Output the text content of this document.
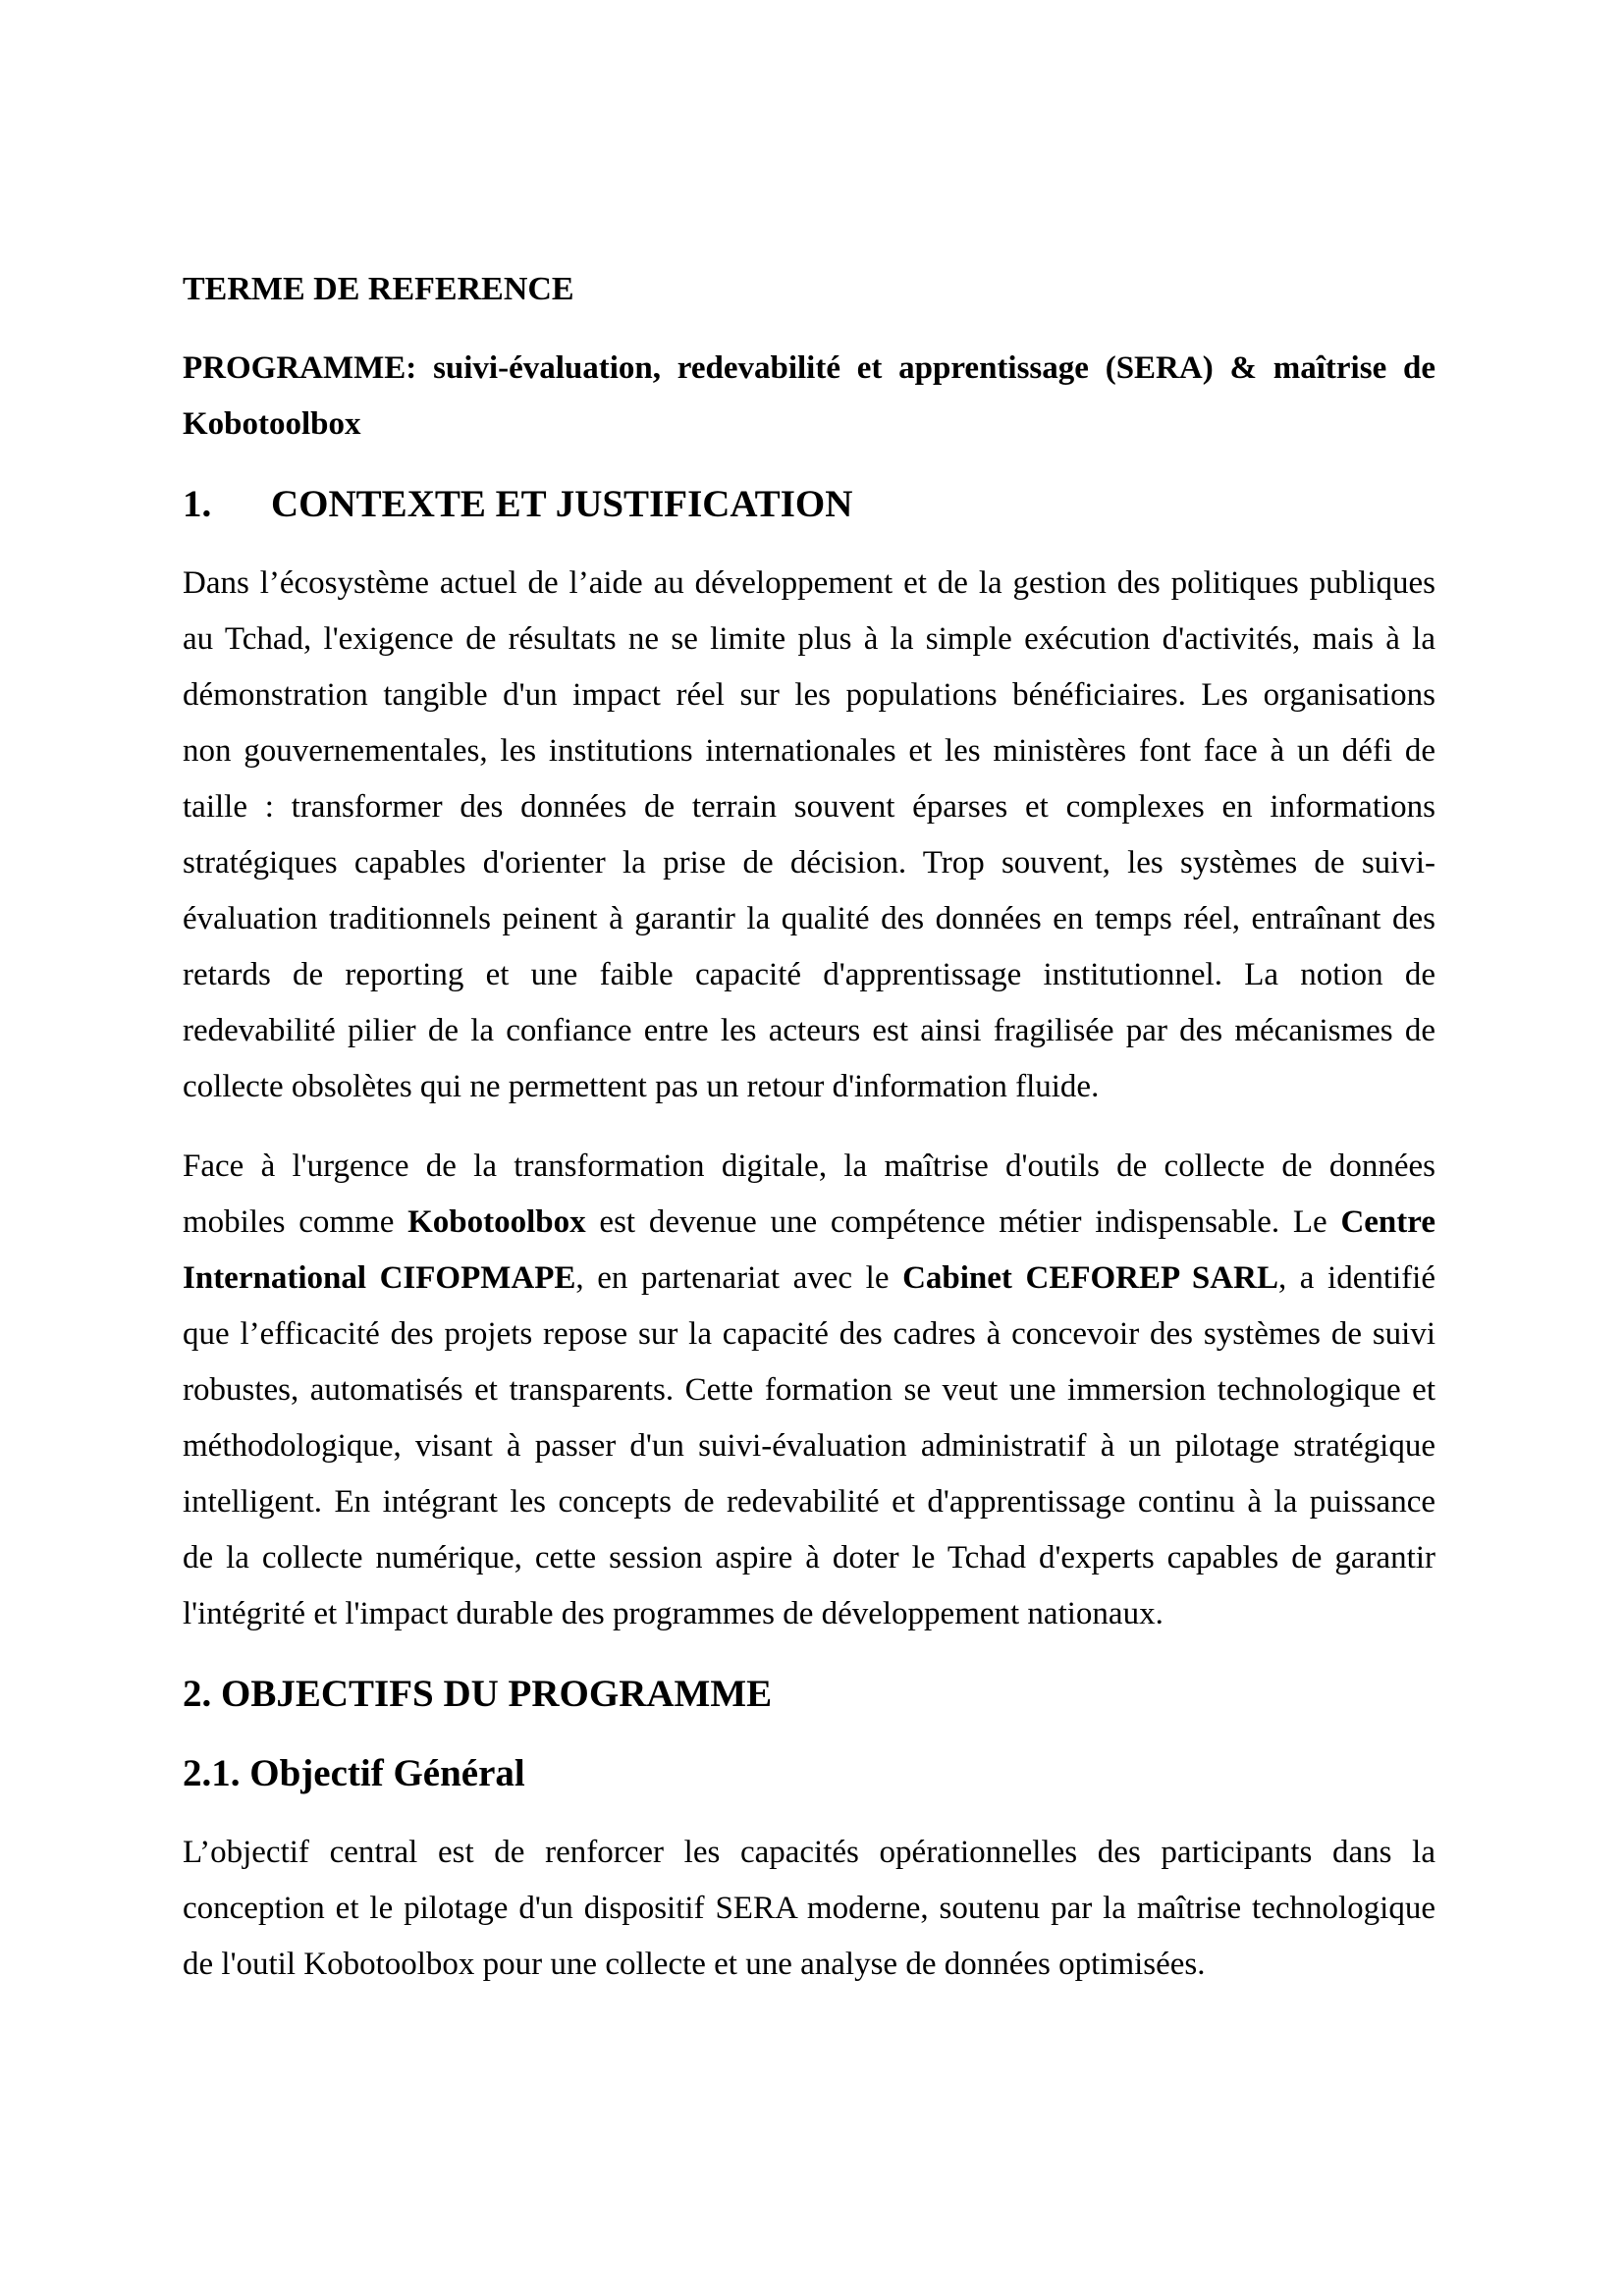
TERME DE REFERENCE
PROGRAMME: suivi-évaluation, redevabilité et apprentissage (SERA) & maîtrise de
Kobotoolbox
1. CONTEXTE ET JUSTIFICATION
Dans l’écosystème actuel de l’aide au développement et de la gestion des politiques publiques
au Tchad, l'exigence de résultats ne se limite plus à la simple exécution d'activités, mais à la
démonstration tangible d'un impact réel sur les populations bénéficiaires. Les organisations
non gouvernementales, les institutions internationales et les ministères font face à un défi de
taille : transformer des données de terrain souvent éparses et complexes en informations
stratégiques capables d'orienter la prise de décision. Trop souvent, les systèmes de suivi-
évaluation traditionnels peinent à garantir la qualité des données en temps réel, entraînant des
retards de reporting et une faible capacité d'apprentissage institutionnel. La notion de
redevabilité pilier de la confiance entre les acteurs est ainsi fragilisée par des mécanismes de
collecte obsolètes qui ne permettent pas un retour d'information fluide.
Face à l'urgence de la transformation digitale, la maîtrise d'outils de collecte de données
mobiles comme Kobotoolbox est devenue une compétence métier indispensable. Le Centre
International CIFOPMAPE, en partenariat avec le Cabinet CEFOREP SARL, a identifié
que l’efficacité des projets repose sur la capacité des cadres à concevoir des systèmes de suivi
robustes, automatisés et transparents. Cette formation se veut une immersion technologique et
méthodologique, visant à passer d'un suivi-évaluation administratif à un pilotage stratégique
intelligent. En intégrant les concepts de redevabilité et d'apprentissage continu à la puissance
de la collecte numérique, cette session aspire à doter le Tchad d'experts capables de garantir
l'intégrité et l'impact durable des programmes de développement nationaux.
2. OBJECTIFS DU PROGRAMME
2.1. Objectif Général
L’objectif central est de renforcer les capacités opérationnelles des participants dans la
conception et le pilotage d'un dispositif SERA moderne, soutenu par la maîtrise technologique
de l'outil Kobotoolbox pour une collecte et une analyse de données optimisées.
